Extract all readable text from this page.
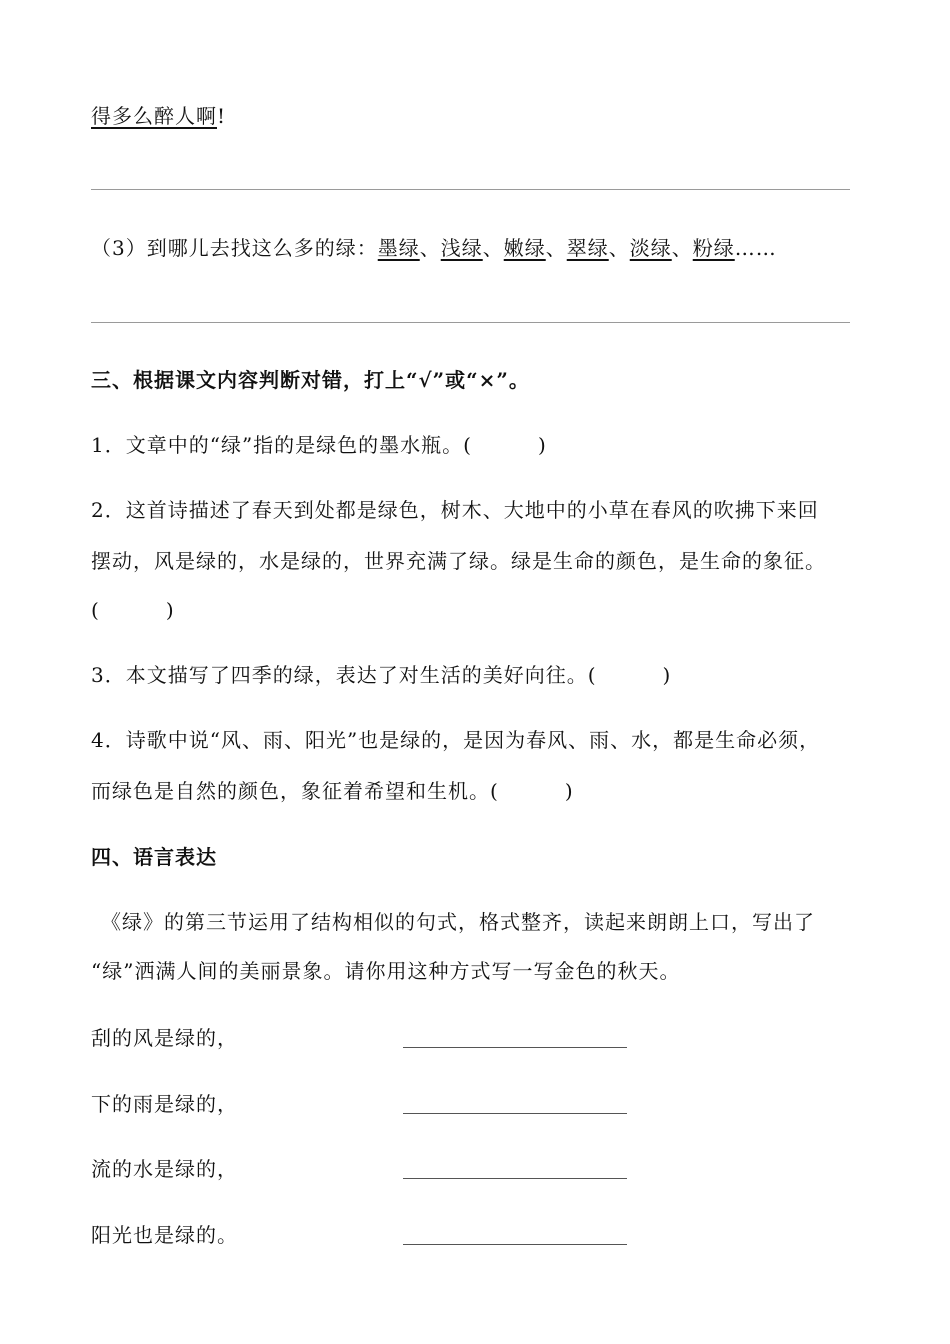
得多么醉人啊!
（3）到哪儿去找这么多的绿：墨绿、浅绿、嫩绿、翠绿、淡绿、粉绿……
三、根据课文内容判断对错，打上“√”或“×”。
1．文章中的“绿”指的是绿色的墨水瓶。(	)
2．这首诗描述了春天到处都是绿色，树木、大地中的小草在春风的吹拂下来回
摆动，风是绿的，水是绿的，世界充满了绿。绿是生命的颜色，是生命的象征。
(	)
3．本文描写了四季的绿，表达了对生活的美好向往。(	)
4．诗歌中说“风、雨、阳光”也是绿的，是因为春风、雨、水，都是生命必须，
而绿色是自然的颜色，象征着希望和生机。(	)
四、语言表达
《绿》的第三节运用了结构相似的句式，格式整齐，读起来朗朗上口，写出了
“绿”洒满人间的美丽景象。请你用这种方式写一写金色的秋天。
刮的风是绿的，
下的雨是绿的，
流的水是绿的，
阳光也是绿的。
